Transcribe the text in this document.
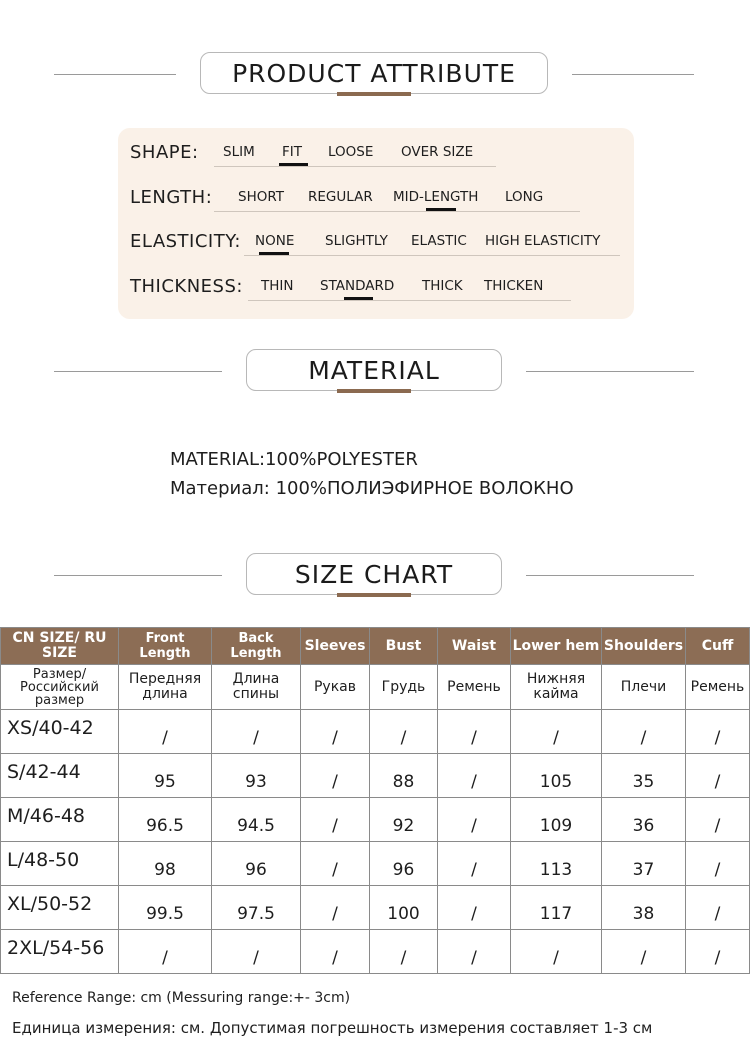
PRODUCT ATTRIBUTE
SHAPE: SLIM FIT LOOSE OVER SIZE
LENGTH: SHORT REGULAR MID-LENGTH LONG
ELASTICITY: NONE SLIGHTLY ELASTIC HIGH ELASTICITY
THICKNESS: THIN STANDARD THICK THICKEN
MATERIAL
MATERIAL:100%POLYESTER
Материал: 100%ПОЛИЭФИРНОЕ ВОЛОКНО
SIZE CHART
CN SIZE/ RU SIZE	Front Length	Back Length	Sleeves	Bust	Waist	Lower hem	Shoulders	Cuff
Размер/ Российский размер	Передняя длина	Длина спины	Рукав	Грудь	Ремень	Нижняя кайма	Плечи	Ремень
XS/40-42	/	/	/	/	/	/	/	/
S/42-44	95	93	/	88	/	105	35	/
M/46-48	96.5	94.5	/	92	/	109	36	/
L/48-50	98	96	/	96	/	113	37	/
XL/50-52	99.5	97.5	/	100	/	117	38	/
2XL/54-56	/	/	/	/	/	/	/	/
Reference Range: cm (Messuring range:+- 3cm)
Единица измерения: см. Допустимая погрешность измерения составляет 1-3 см
